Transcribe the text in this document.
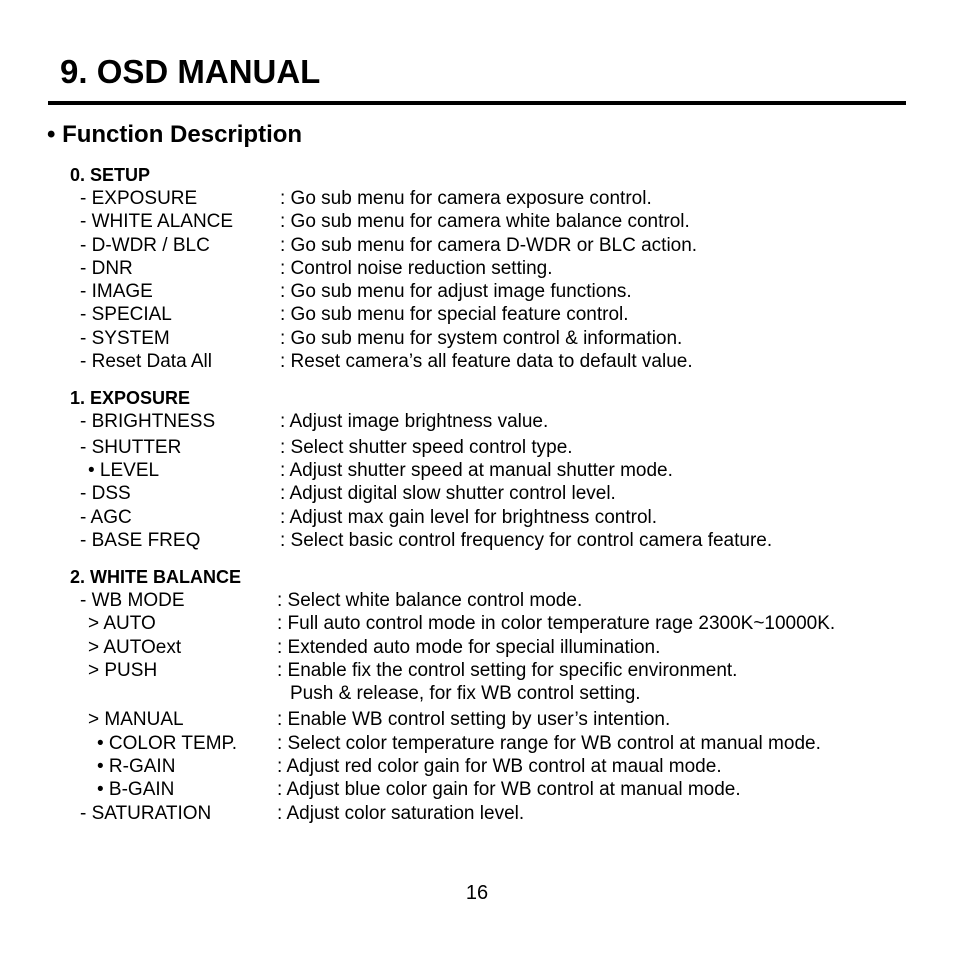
9. OSD MANUAL
• Function Description
0. SETUP
- EXPOSURE	: Go sub menu for camera exposure control.
- WHITE ALANCE : Go sub menu for camera white balance control.
- D-WDR / BLC	: Go sub menu for camera D-WDR or BLC action.
- DNR	: Control noise reduction setting.
- IMAGE	: Go sub menu for adjust image functions.
- SPECIAL	: Go sub menu for special feature control.
- SYSTEM	: Go sub menu for system control & information.
- Reset Data All	: Reset camera’s all feature data to default value.
1. EXPOSURE
- BRIGHTNESS	: Adjust image brightness value.
- SHUTTER	: Select shutter speed control type.
• LEVEL	: Adjust shutter speed at manual shutter mode.
- DSS	: Adjust digital slow shutter control level.
- AGC	: Adjust max gain level for brightness control.
- BASE FREQ	: Select basic control frequency for control camera feature.
2. WHITE BALANCE
- WB MODE	: Select white balance control mode.
> AUTO	: Full auto control mode in color temperature rage 2300K~10000K.
> AUTOext	: Extended auto mode for special illumination.
> PUSH	: Enable fix the control setting for specific environment.
Push & release, for fix WB control setting.
> MANUAL	: Enable WB control setting by user’s intention.
• COLOR TEMP. : Select color temperature range for WB control at manual mode.
• R-GAIN	: Adjust red color gain for WB control at maual mode.
• B-GAIN	: Adjust blue color gain for WB control at manual mode.
- SATURATION	: Adjust color saturation level.
16
